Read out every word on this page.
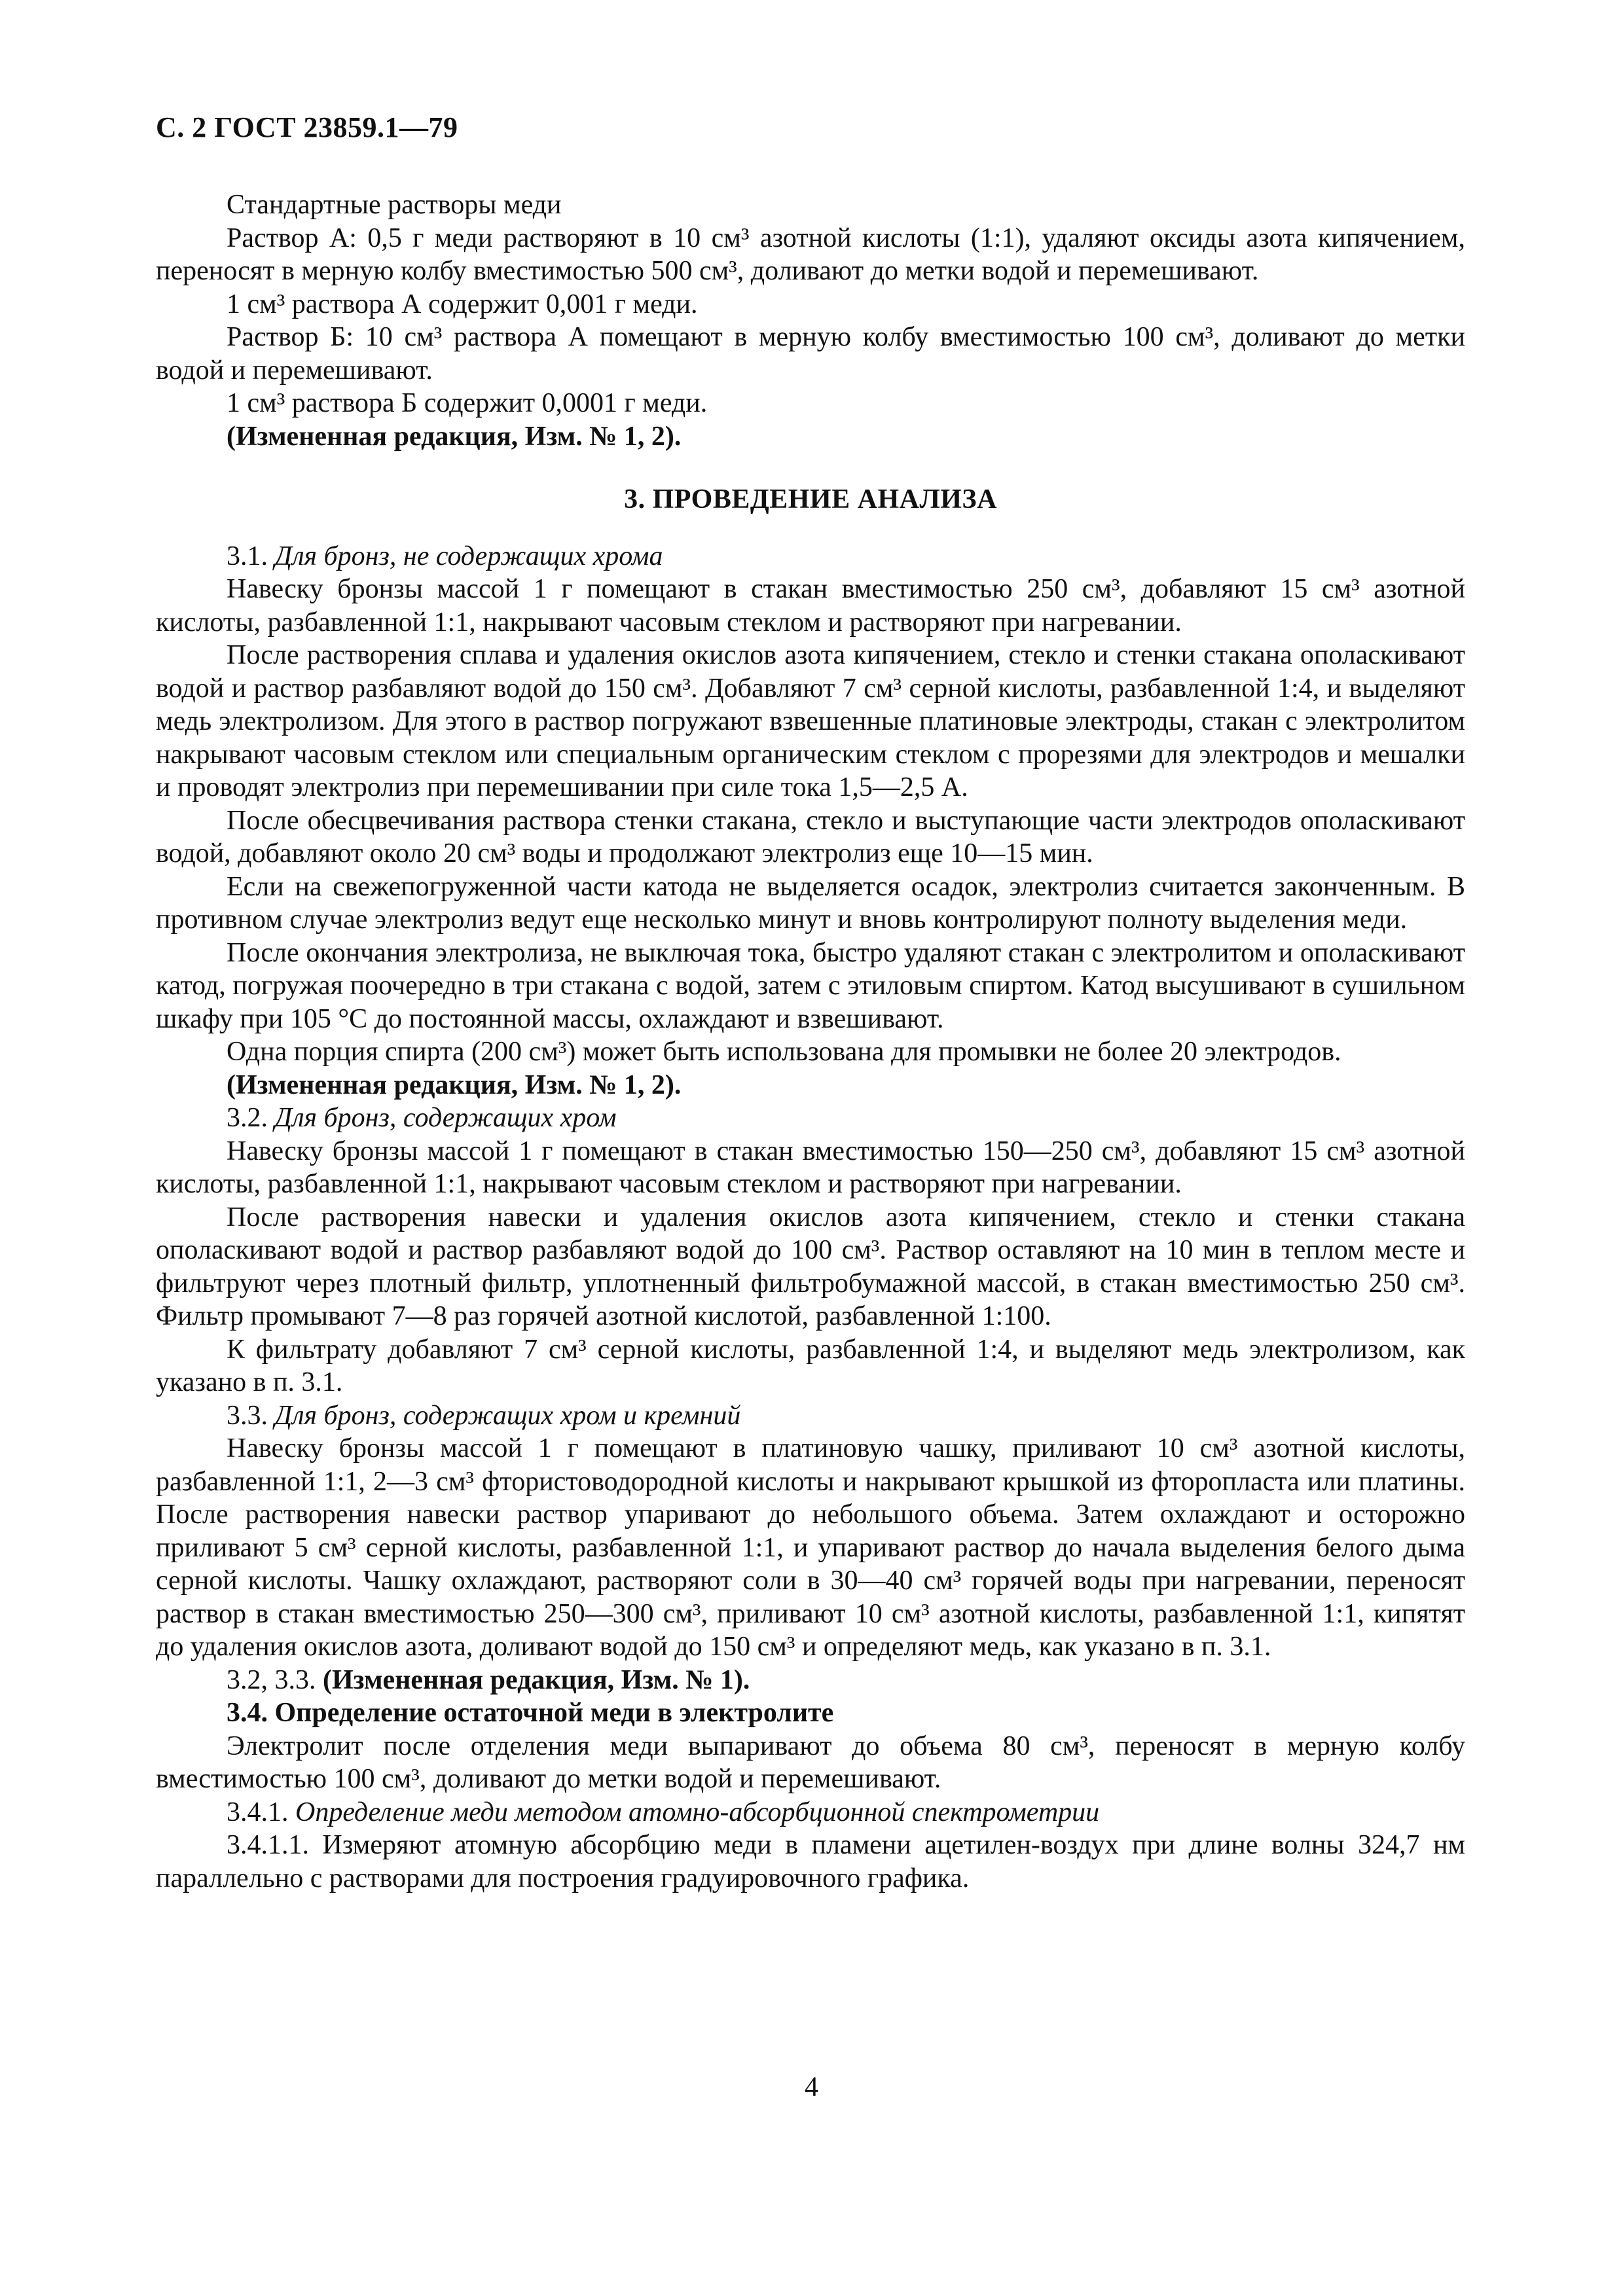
С. 2 ГОСТ 23859.1—79

Стандартные растворы меди

Раствор А: 0,5 г меди растворяют в 10 см³ азотной кислоты (1:1), удаляют оксиды азота кипячением, переносят в мерную колбу вместимостью 500 см³, доливают до метки водой и перемешивают.

1 см³ раствора А содержит 0,001 г меди.

Раствор Б: 10 см³ раствора А помещают в мерную колбу вместимостью 100 см³, доливают до метки водой и перемешивают.

1 см³ раствора Б содержит 0,0001 г меди.

(Измененная редакция, Изм. № 1, 2).

3. ПРОВЕДЕНИЕ АНАЛИЗА

3.1. Для бронз, не содержащих хрома

Навеску бронзы массой 1 г помещают в стакан вместимостью 250 см³, добавляют 15 см³ азотной кислоты, разбавленной 1:1, накрывают часовым стеклом и растворяют при нагревании.

После растворения сплава и удаления окислов азота кипячением, стекло и стенки стакана ополаскивают водой и раствор разбавляют водой до 150 см³. Добавляют 7 см³ серной кислоты, разбавленной 1:4, и выделяют медь электролизом. Для этого в раствор погружают взвешенные платиновые электроды, стакан с электролитом накрывают часовым стеклом или специальным органическим стеклом с прорезями для электродов и мешалки и проводят электролиз при перемешивании при силе тока 1,5—2,5 А.

После обесцвечивания раствора стенки стакана, стекло и выступающие части электродов ополаскивают водой, добавляют около 20 см³ воды и продолжают электролиз еще 10—15 мин.

Если на свежепогруженной части катода не выделяется осадок, электролиз считается законченным. В противном случае электролиз ведут еще несколько минут и вновь контролируют полноту выделения меди.

После окончания электролиза, не выключая тока, быстро удаляют стакан с электролитом и ополаскивают катод, погружая поочередно в три стакана с водой, затем с этиловым спиртом. Катод высушивают в сушильном шкафу при 105 °С до постоянной массы, охлаждают и взвешивают.

Одна порция спирта (200 см³) может быть использована для промывки не более 20 электродов.

(Измененная редакция, Изм. № 1, 2).

3.2. Для бронз, содержащих хром

Навеску бронзы массой 1 г помещают в стакан вместимостью 150—250 см³, добавляют 15 см³ азотной кислоты, разбавленной 1:1, накрывают часовым стеклом и растворяют при нагревании.

После растворения навески и удаления окислов азота кипячением, стекло и стенки стакана ополаскивают водой и раствор разбавляют водой до 100 см³. Раствор оставляют на 10 мин в теплом месте и фильтруют через плотный фильтр, уплотненный фильтробумажной массой, в стакан вместимостью 250 см³. Фильтр промывают 7—8 раз горячей азотной кислотой, разбавленной 1:100.

К фильтрату добавляют 7 см³ серной кислоты, разбавленной 1:4, и выделяют медь электролизом, как указано в п. 3.1.

3.3. Для бронз, содержащих хром и кремний

Навеску бронзы массой 1 г помещают в платиновую чашку, приливают 10 см³ азотной кислоты, разбавленной 1:1, 2—3 см³ фтористоводородной кислоты и накрывают крышкой из фторопласта или платины. После растворения навески раствор упаривают до небольшого объема. Затем охлаждают и осторожно приливают 5 см³ серной кислоты, разбавленной 1:1, и упаривают раствор до начала выделения белого дыма серной кислоты. Чашку охлаждают, растворяют соли в 30—40 см³ горячей воды при нагревании, переносят раствор в стакан вместимостью 250—300 см³, приливают 10 см³ азотной кислоты, разбавленной 1:1, кипятят до удаления окислов азота, доливают водой до 150 см³ и определяют медь, как указано в п. 3.1.

3.2, 3.3. (Измененная редакция, Изм. № 1).

3.4. Определение остаточной меди в электролите

Электролит после отделения меди выпаривают до объема 80 см³, переносят в мерную колбу вместимостью 100 см³, доливают до метки водой и перемешивают.

3.4.1. Определение меди методом атомно-абсорбционной спектрометрии

3.4.1.1. Измеряют атомную абсорбцию меди в пламени ацетилен-воздух при длине волны 324,7 нм параллельно с растворами для построения градуировочного графика.

4
